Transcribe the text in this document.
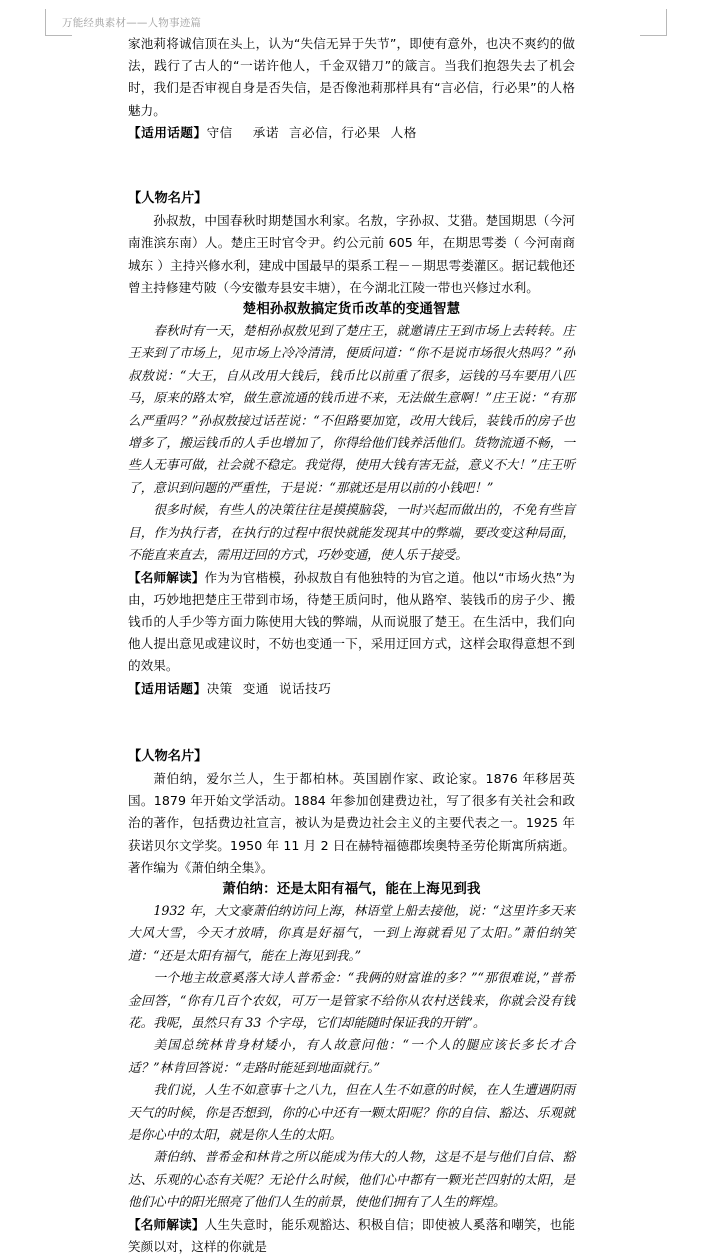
万能经典素材——人物事迹篇

家池莉将诚信顶在头上，认为“失信无异于失节”，即使有意外，也决不爽约的做法，践行了古人的“一诺许他人，千金双错刀”的箴言。当我们抱怨失去了机会时，我们是否审视自身是否失信，是否像池莉那样具有“言必信，行必果”的人格魅力。

【适用话题】守信 承诺 言必信，行必果 人格

【人物名片】

孙叔敖，中国春秋时期楚国水利家。名敖，字孙叔、艾猎。楚国期思（今河南淮滨东南）人。楚庄王时官令尹。约公元前 605 年，在期思雩娄（ 今河南商城东 ）主持兴修水利，建成中国最早的渠系工程－－期思雩娄灌区。据记载他还曾主持修建芍陂（今安徽寿县安丰塘），在今湖北江陵一带也兴修过水利。

楚相孙叔敖搞定货币改革的变通智慧

春秋时有一天，楚相孙叔敖见到了楚庄王，就邀请庄王到市场上去转转。庄王来到了市场上，见市场上冷冷清清，便质问道：“你不是说市场很火热吗？”孙叔敖说：“大王，自从改用大钱后，钱币比以前重了很多，运钱的马车要用八匹马，原来的路太窄，做生意流通的钱币进不来，无法做生意啊！”庄王说：“有那么严重吗？”孙叔敖接过话茬说：“不但路要加宽，改用大钱后，装钱币的房子也增多了，搬运钱币的人手也增加了，你得给他们钱养活他们。货物流通不畅，一些人无事可做，社会就不稳定。我觉得，使用大钱有害无益，意义不大！”庄王听了，意识到问题的严重性，于是说：“那就还是用以前的小钱吧！”

很多时候，有些人的决策往往是摸摸脑袋，一时兴起而做出的，不免有些盲目，作为执行者，在执行的过程中很快就能发现其中的弊端，要改变这种局面，不能直来直去，需用迂回的方式，巧妙变通，使人乐于接受。

【名师解读】作为为官楷模，孙叔敖自有他独特的为官之道。他以“市场火热”为由，巧妙地把楚庄王带到市场，待楚王质问时，他从路窄、装钱币的房子少、搬钱币的人手少等方面力陈使用大钱的弊端，从而说服了楚王。在生活中，我们向他人提出意见或建议时，不妨也变通一下，采用迂回方式，这样会取得意想不到的效果。

【适用话题】决策 变通 说话技巧

【人物名片】

萧伯纳，爱尔兰人，生于都柏林。英国剧作家、政论家。1876 年移居英国。1879 年开始文学活动。1884 年参加创建费边社，写了很多有关社会和政治的著作，包括费边社宣言，被认为是费边社会主义的主要代表之一。1925 年获诺贝尔文学奖。1950 年 11 月 2 日在赫特福德郡埃奥特圣劳伦斯寓所病逝。著作编为《萧伯纳全集》。

萧伯纳：还是太阳有福气，能在上海见到我

1932 年，大文豪萧伯纳访问上海，林语堂上船去接他，说：“这里许多天来大风大雪，今天才放晴，你真是好福气，一到上海就看见了太阳。”萧伯纳笑道：“还是太阳有福气，能在上海见到我。”

一个地主故意奚落大诗人普希金：“我俩的财富谁的多？”“那很难说，”普希金回答，“你有几百个农奴，可万一是管家不给你从农村送钱来，你就会没有钱花。我呢，虽然只有 33 个字母，它们却能随时保证我的开销”。

美国总统林肯身材矮小，有人故意问他：“一个人的腿应该长多长才合适？”林肯回答说：“走路时能延到地面就行。”

我们说，人生不如意事十之八九，但在人生不如意的时候，在人生遭遇阴雨天气的时候，你是否想到，你的心中还有一颗太阳呢？你的自信、豁达、乐观就是你心中的太阳，就是你人生的太阳。

萧伯纳、普希金和林肯之所以能成为伟大的人物，这是不是与他们自信、豁达、乐观的心态有关呢？无论什么时候，他们心中都有一颗光芒四射的太阳，是他们心中的阳光照亮了他们人生的前景，使他们拥有了人生的辉煌。

【名师解读】人生失意时，能乐观豁达、积极自信；即使被人奚落和嘲笑，也能笑颜以对，这样的你就是
